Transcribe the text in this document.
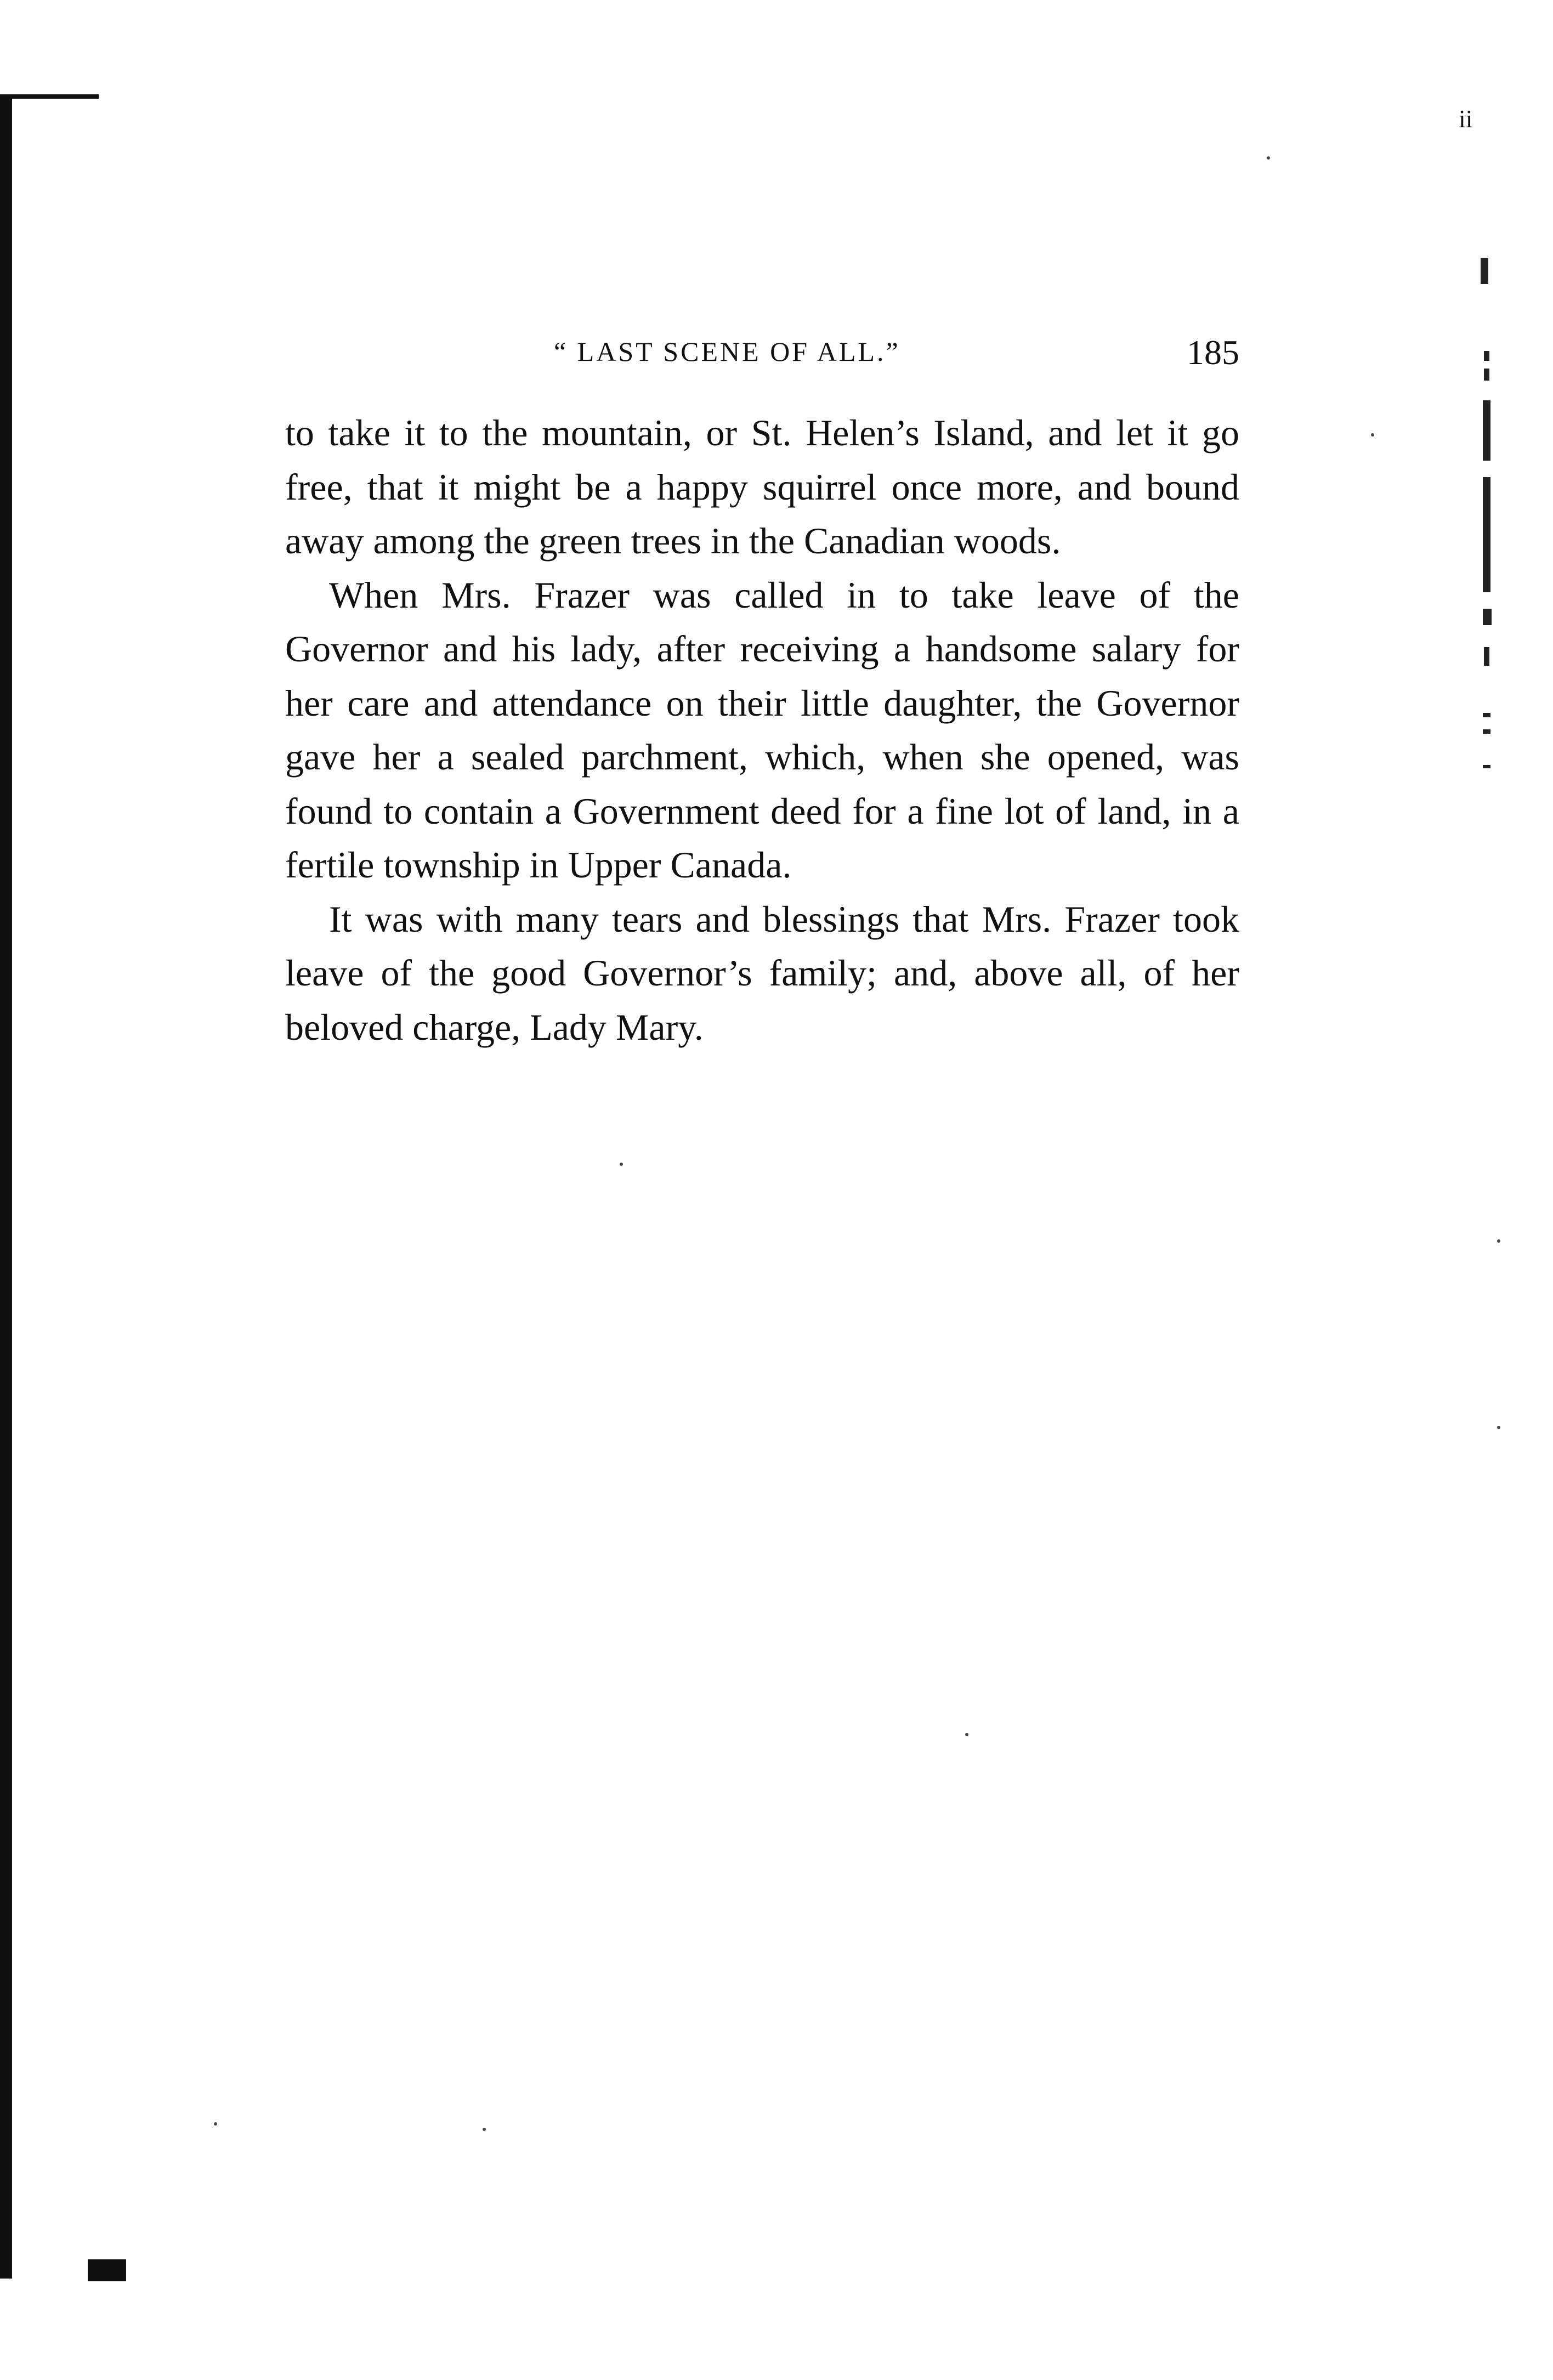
ii
“ LAST SCENE OF ALL.”	185

to take it to the mountain, or St. Helen’s Island, and let it go free, that it might be a happy squirrel once more, and bound away among the green trees in the Canadian woods.

When Mrs. Frazer was called in to take leave of the Governor and his lady, after receiving a handsome salary for her care and attendance on their little daughter, the Governor gave her a sealed parchment, which, when she opened, was found to contain a Government deed for a fine lot of land, in a fertile township in Upper Canada.

It was with many tears and blessings that Mrs. Frazer took leave of the good Governor’s family; and, above all, of her beloved charge, Lady Mary.
